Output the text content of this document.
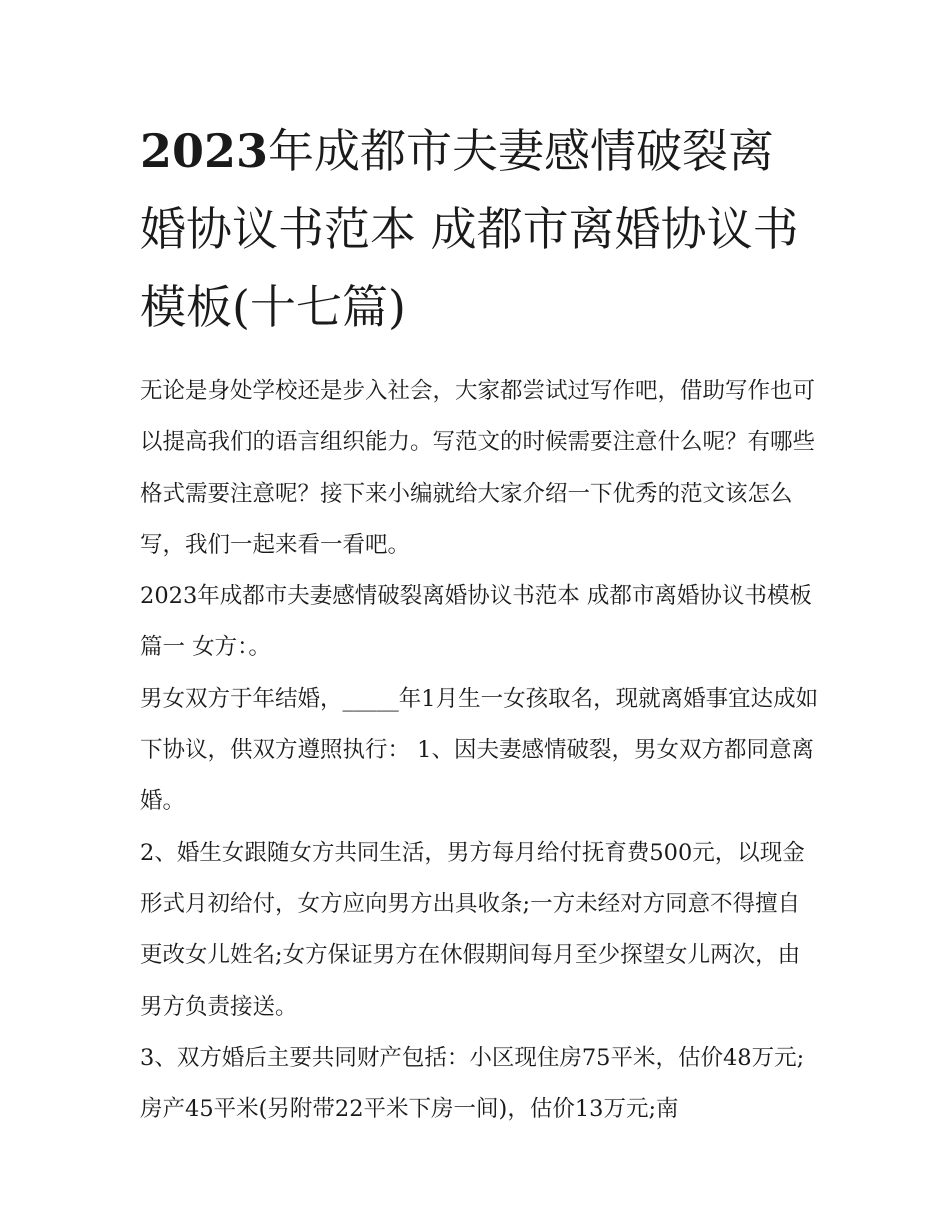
2023年成都市夫妻感情破裂离婚协议书范本 成都市离婚协议书模板(十七篇)

无论是身处学校还是步入社会，大家都尝试过写作吧，借助写作也可以提高我们的语言组织能力。写范文的时候需要注意什么呢？有哪些格式需要注意呢？接下来小编就给大家介绍一下优秀的范文该怎么写，我们一起来看一看吧。

2023年成都市夫妻感情破裂离婚协议书范本 成都市离婚协议书模板篇一 女方：。

男女双方于年结婚，_____年1月生一女孩取名，现就离婚事宜达成如下协议，供双方遵照执行： 1、因夫妻感情破裂，男女双方都同意离婚。

2、婚生女跟随女方共同生活，男方每月给付抚育费500元，以现金形式月初给付，女方应向男方出具收条;一方未经对方同意不得擅自更改女儿姓名;女方保证男方在休假期间每月至少探望女儿两次，由男方负责接送。

3、双方婚后主要共同财产包括：小区现住房75平米，估价48万元;房产45平米(另附带22平米下房一间)，估价13万元;南
